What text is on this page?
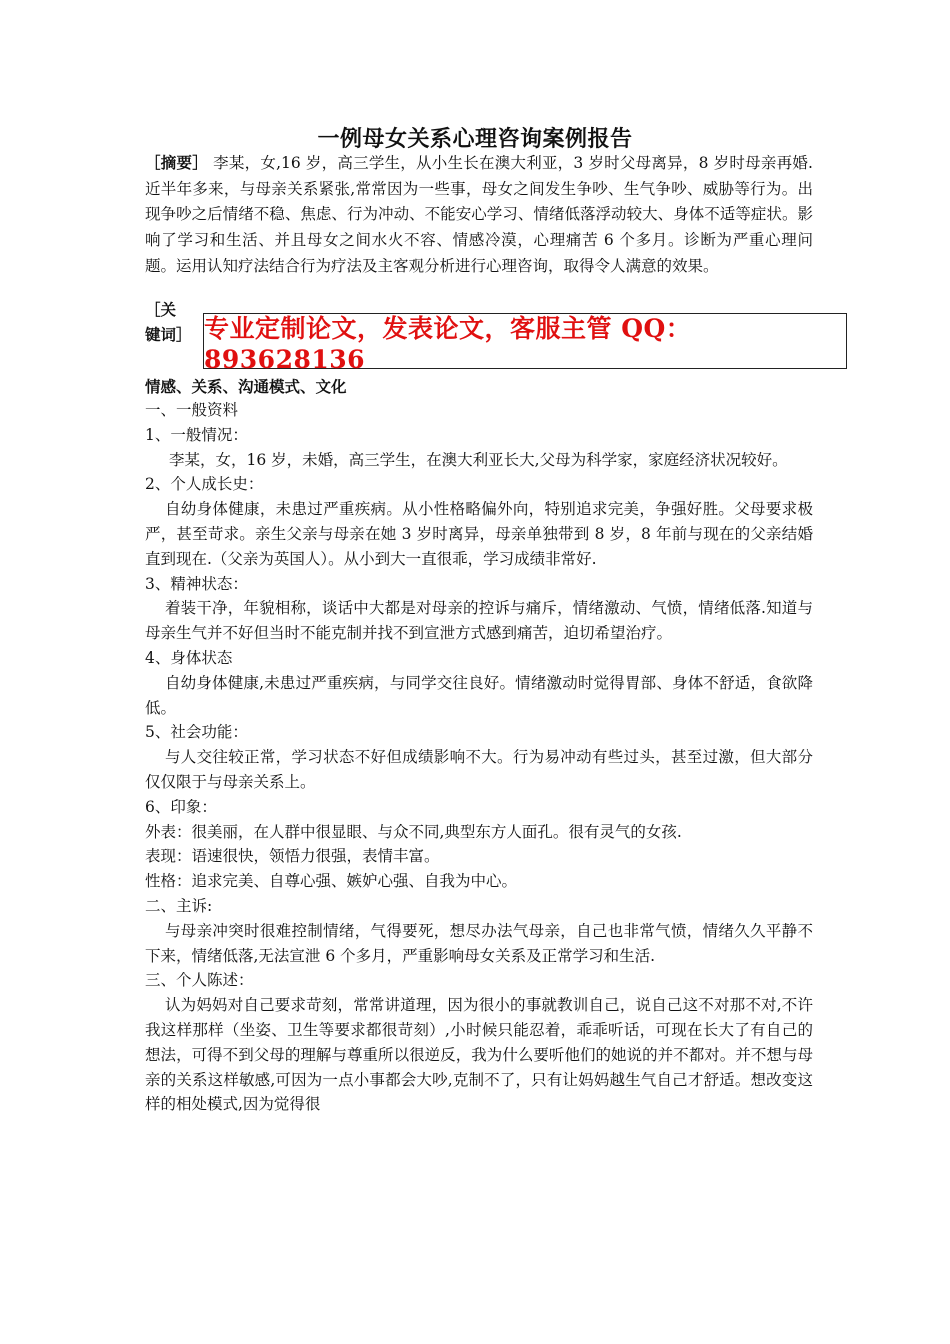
一例母女关系心理咨询案例报告
［摘要］ 李某，女,16 岁，高三学生，从小生长在澳大利亚，3 岁时父母离异，8 岁时母亲再婚.近半年多来，与母亲关系紧张,常常因为一些事，母女之间发生争吵、生气争吵、威胁等行为。出现争吵之后情绪不稳、焦虑、行为冲动、不能安心学习、情绪低落浮动较大、身体不适等症状。影响了学习和生活、并且母女之间水火不容、情感冷漠，心理痛苦 6 个多月。诊断为严重心理问题。运用认知疗法结合行为疗法及主客观分析进行心理咨询，取得令人满意的效果。
［关键词］ 专业定制论文，发表论文，客服主管 QQ：893628136
情感、关系、沟通模式、文化

一、一般资料

1、一般情况：

李某，女，16 岁，未婚，高三学生，在澳大利亚长大,父母为科学家，家庭经济状况较好。

2、个人成长史：

自幼身体健康，未患过严重疾病。从小性格略偏外向，特别追求完美，争强好胜。父母要求极严，甚至苛求。亲生父亲与母亲在她 3 岁时离异，母亲单独带到 8 岁，8 年前与现在的父亲结婚直到现在.（父亲为英国人）。从小到大一直很乖，学习成绩非常好.

3、精神状态：

着装干净，年貌相称，谈话中大都是对母亲的控诉与痛斥，情绪激动、气愤，情绪低落.知道与母亲生气并不好但当时不能克制并找不到宣泄方式感到痛苦，迫切希望治疗。

4、身体状态

自幼身体健康,未患过严重疾病，与同学交往良好。情绪激动时觉得胃部、身体不舒适，食欲降低。

5、社会功能：

与人交往较正常，学习状态不好但成绩影响不大。行为易冲动有些过头，甚至过激，但大部分仅仅限于与母亲关系上。

6、印象：

外表：很美丽，在人群中很显眼、与众不同,典型东方人面孔。很有灵气的女孩.

表现：语速很快，领悟力很强，表情丰富。

性格：追求完美、自尊心强、嫉妒心强、自我为中心。

二、主诉:

与母亲冲突时很难控制情绪，气得要死，想尽办法气母亲，自己也非常气愤，情绪久久平静不下来，情绪低落,无法宣泄 6 个多月，严重影响母女关系及正常学习和生活.

三、个人陈述：

认为妈妈对自己要求苛刻，常常讲道理，因为很小的事就教训自己，说自己这不对那不对,不许我这样那样（坐姿、卫生等要求都很苛刻）,小时候只能忍着，乖乖听话，可现在长大了有自己的想法，可得不到父母的理解与尊重所以很逆反，我为什么要听他们的她说的并不都对。并不想与母亲的关系这样敏感,可因为一点小事都会大吵,克制不了，只有让妈妈越生气自己才舒适。想改变这样的相处模式,因为觉得很
